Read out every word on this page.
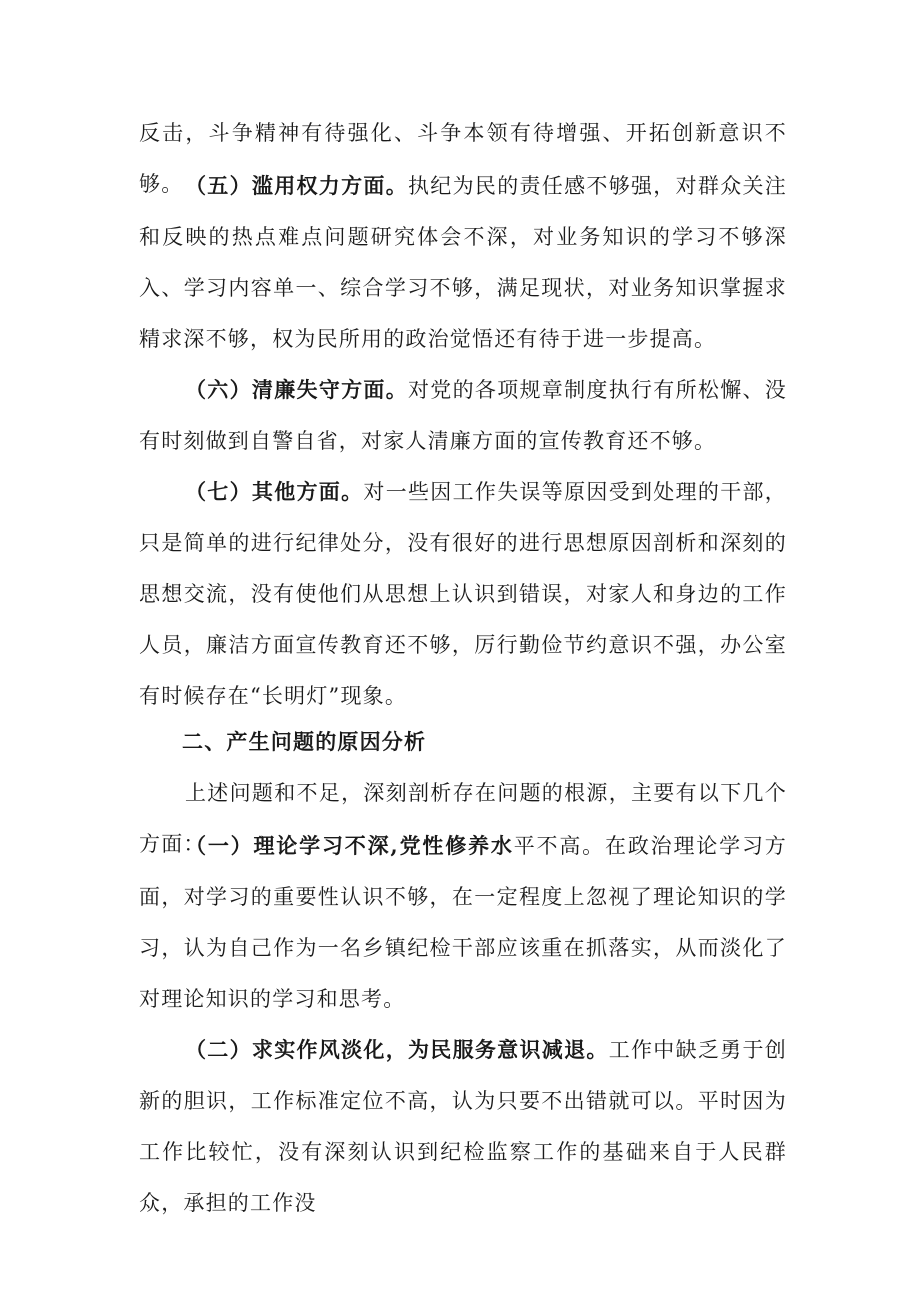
反击，斗争精神有待强化、斗争本领有待增强、开拓创新意识不够。 （五）滥用权力方面。执纪为民的责任感不够强，对群众关注和反映的热点难点问题研究体会不深，对业务知识的学习不够深入、学习内容单一、综合学习不够，满足现状，对业务知识掌握求精求深不够，权为民所用的政治觉悟还有待于进一步提高。

（六）清廉失守方面。对党的各项规章制度执行有所松懈、没有时刻做到自警自省，对家人清廉方面的宣传教育还不够。

（七）其他方面。对一些因工作失误等原因受到处理的干部，只是简单的进行纪律处分，没有很好的进行思想原因剖析和深刻的思想交流，没有使他们从思想上认识到错误，对家人和身边的工作人员，廉洁方面宣传教育还不够，厉行勤俭节约意识不强，办公室有时候存在“长明灯”现象。

二、产生问题的原因分析

上述问题和不足，深刻剖析存在问题的根源，主要有以下几个方面：

（一）理论学习不深,党性修养水平不高。在政治理论学习方面，对学习的重要性认识不够，在一定程度上忽视了理论知识的学习，认为自己作为一名乡镇纪检干部应该重在抓落实，从而淡化了对理论知识的学习和思考。

（二）求实作风淡化，为民服务意识减退。工作中缺乏勇于创新的胆识，工作标准定位不高，认为只要不出错就可以。平时因为工作比较忙，没有深刻认识到纪检监察工作的基础来自于人民群众，承担的工作没
